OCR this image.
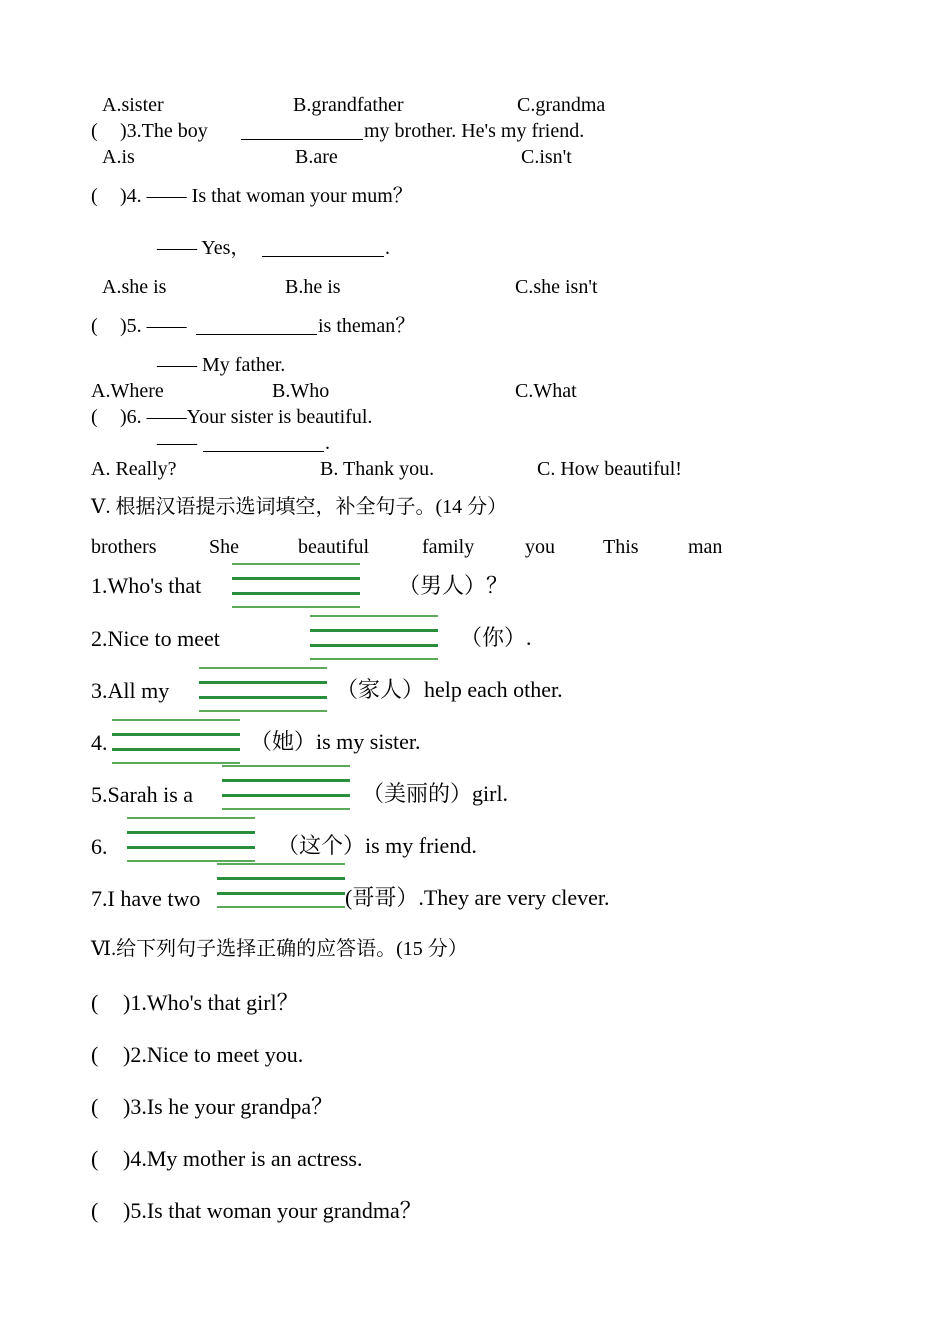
A.sister	B.grandfather	C.grandma
( )3.The boy	my brother. He's my friend.
A.is	B.are	C.isn't
( )4. —— Is that woman your mum？
—— Yes，	.
A.she is	B.he is	C.she isn't
( )5. ——	is theman？
—— My father.
A.Where	B.Who	C.What
( )6. ——Your sister is beautiful.
——	.
A. Really?	B. Thank you.	C. How beautiful!
Ⅴ. 根据汉语提示选词填空，补全句子。(14 分）
brothers	She	beautiful	family	you This man
1.Who's that	（男人）？
2.Nice to meet	（你）.
3.All my	（家人）help each other.
4.	（她）is my sister.
5.Sarah is a	（美丽的）girl.
6.	（这个）is my friend.
7.I have two	(哥哥）.They are very clever.
Ⅵ.给下列句子选择正确的应答语。(15 分）
( )1.Who's that girl？
( )2.Nice to meet you.
( )3.Is he your grandpa？
( )4.My mother is an actress.
( )5.Is that woman your grandma？
